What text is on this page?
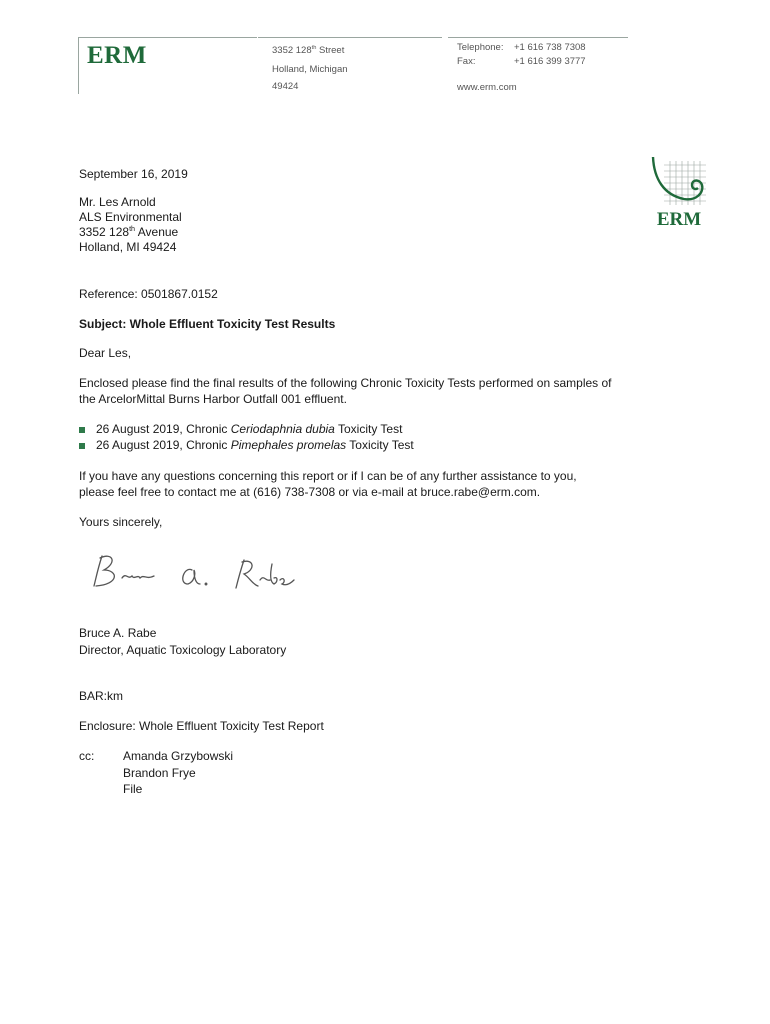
ERM	3352 128th Street
Holland, Michigan
49424
Telephone: +1 616 738 7308
Fax:	+1 616 399 3777
www.erm.com
ERM
September 16, 2019
Mr. Les Arnold
ALS Environmental
3352 128th Avenue
Holland, MI 49424
Reference: 0501867.0152
Subject: Whole Effluent Toxicity Test Results
Dear Les,
Enclosed please find the final results of the following Chronic Toxicity Tests performed on samples of
the ArcelorMittal Burns Harbor Outfall 001 effluent.
26 August 2019, Chronic Ceriodaphnia dubia Toxicity Test
26 August 2019, Chronic Pimephales promelas Toxicity Test
If you have any questions concerning this report or if I can be of any further assistance to you,
please feel free to contact me at (616) 738-7308 or via e-mail at bruce.rabe@erm.com.
Yours sincerely,
Bruce A. Rabe
Director, Aquatic Toxicology Laboratory
BAR:km
Enclosure: Whole Effluent Toxicity Test Report
cc: Amanda Grzybowski
Brandon Frye
File
